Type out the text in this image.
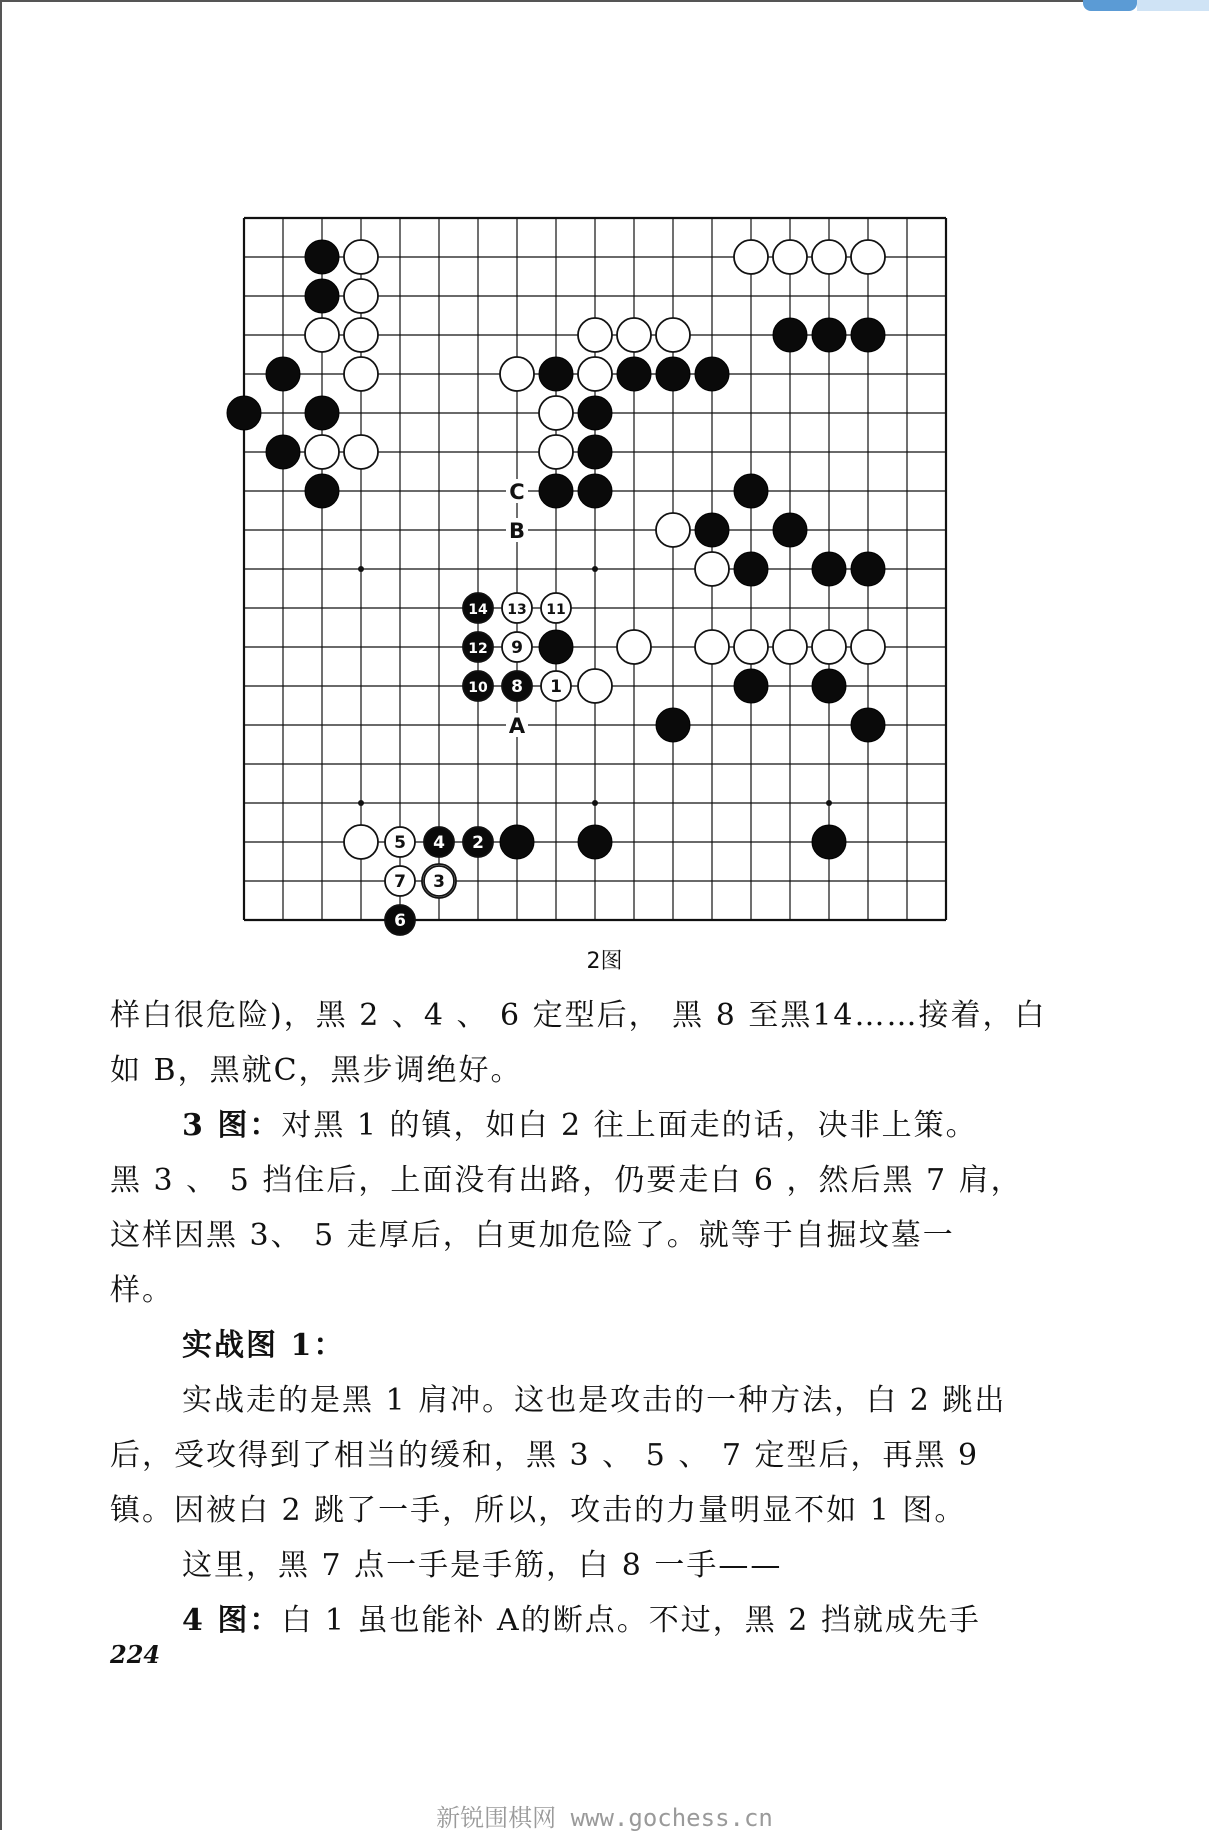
14 13 11
12 9
10 8 1
5 4 2
7 3
6
C
B
A
2图
样白很危险)，黑 2 、4 、 6 定型后， 黑 8 至黑14……接着，白
如 B，黑就C，黑步调绝好。
3 图：对黑 1 的镇，如白 2 往上面走的话，决非上策。
黑 3 、 5 挡住后，上面没有出路，仍要走白 6 ，然后黑 7 肩，
这样因黑 3、 5 走厚后，白更加危险了。就等于自掘坟墓一
样。
实战图 1：
实战走的是黑 1 肩冲。这也是攻击的一种方法，白 2 跳出
后，受攻得到了相当的缓和，黑 3 、 5 、 7 定型后，再黑 9
镇。因被白 2 跳了一手，所以，攻击的力量明显不如 1 图。
这里，黑 7 点一手是手筋，白 8 一手——
4 图：白 1 虽也能补 A的断点。不过，黑 2 挡就成先手
224
新锐围棋网 www.gochess.cn
